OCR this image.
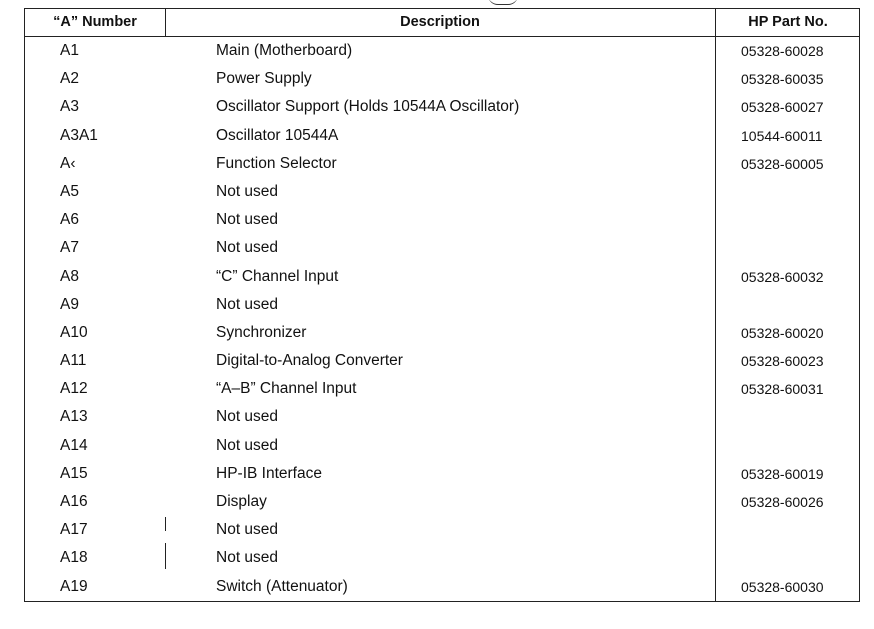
“A” Number	Description	HP Part No.
A1	Main (Motherboard)	05328-60028
A2	Power Supply	05328-60035
A3	Oscillator Support (Holds 10544A Oscillator)	05328-60027
A3A1	Oscillator 10544A	10544-60011
A‹	Function Selector	05328-60005
A5	Not used
A6	Not used
A7	Not used
A8	“C” Channel Input	05328-60032
A9	Not used
A10	Synchronizer	05328-60020
A11	Digital-to-Analog Converter	05328-60023
A12	“A–B” Channel Input	05328-60031
A13	Not used
A14	Not used
A15	HP-IB Interface	05328-60019
A16	Display	05328-60026
A17	Not used
A18	Not used
A19	Switch (Attenuator)	05328-60030
